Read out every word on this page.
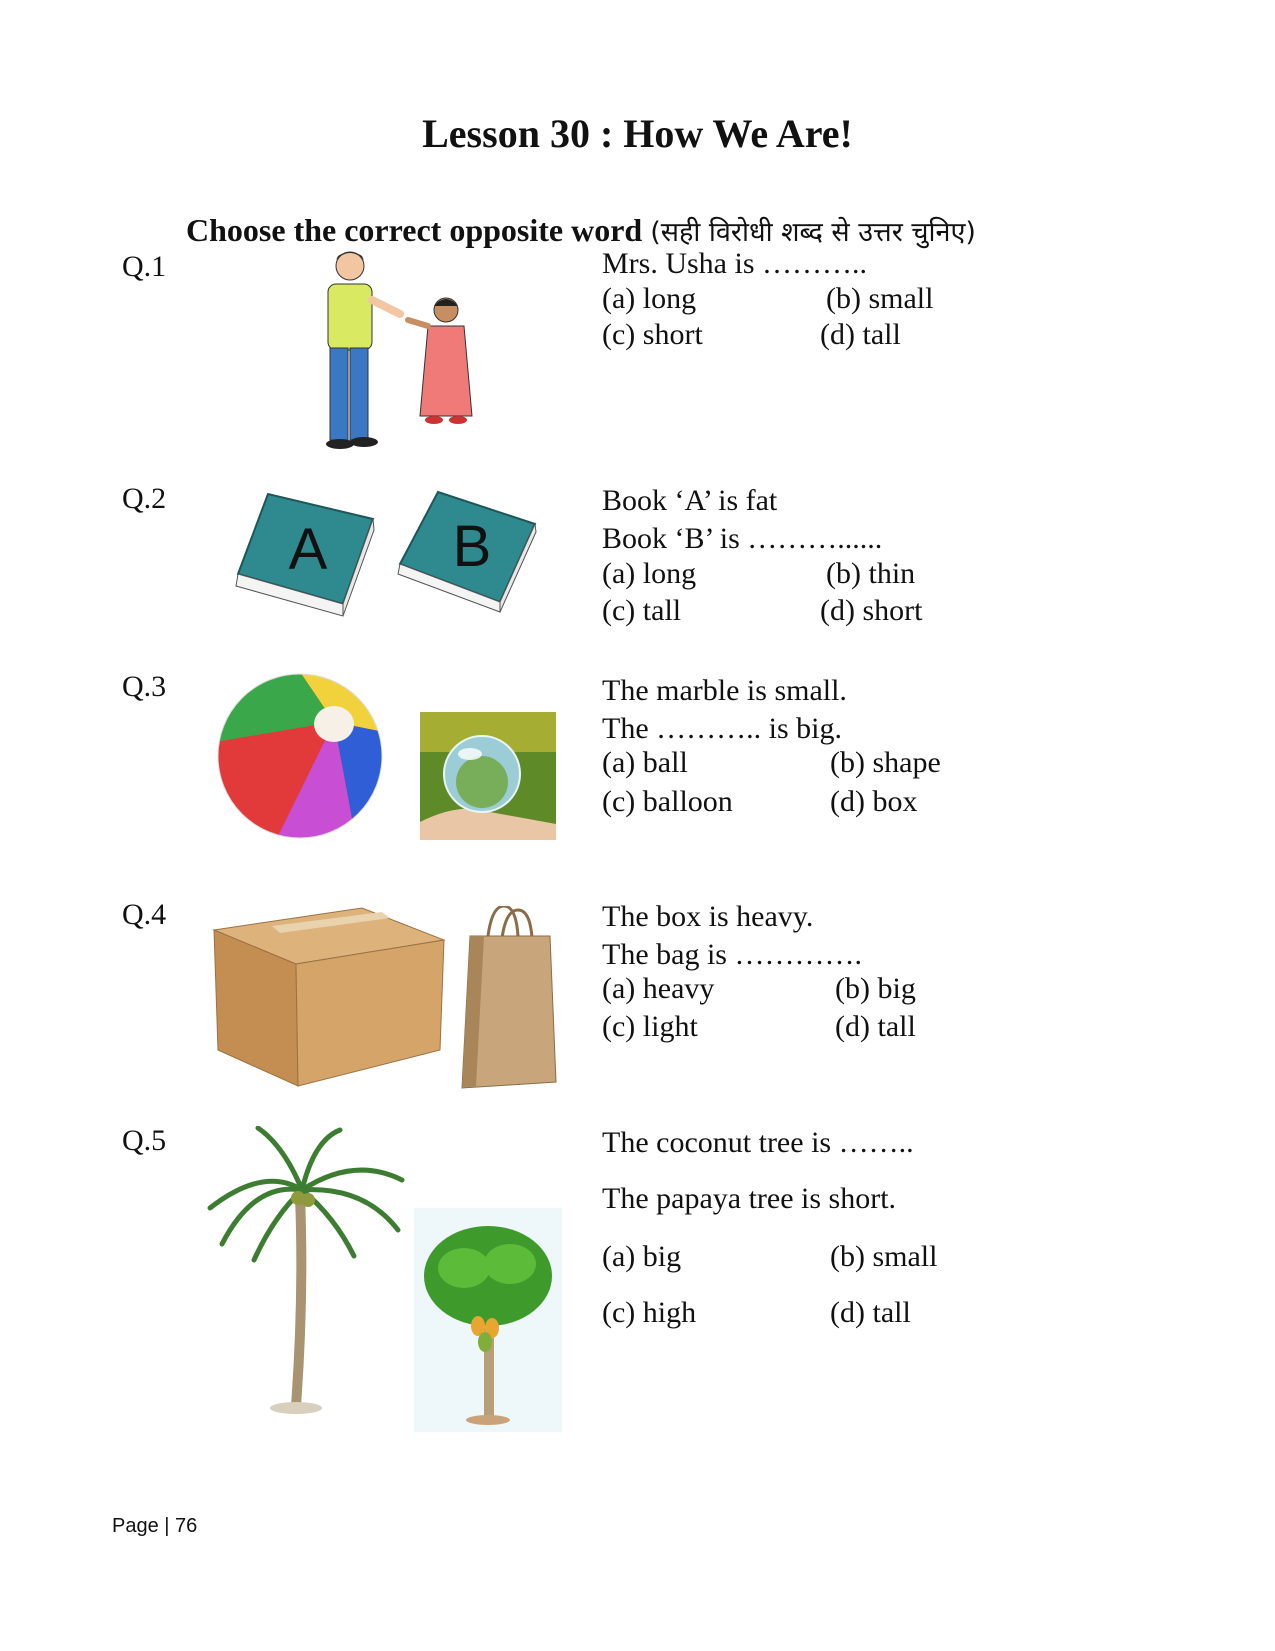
Lesson 30 : How We Are!
Choose the correct opposite word (सही विरोधी शब्द से उत्तर चुनिए)
Q.1	Mrs. Usha is ………..
(a) long	(b) small
(c) short	(d) tall
Q.2
A B
Book ‘A’ is fat
Book ‘B’ is ………......
(a) long	(b) thin
(c) tall	(d) short
Q.3	The marble is small.
The ……….. is big.
(a) ball	(b) shape
(c) balloon	(d) box
Q.4	The box is heavy.
The bag is ………….
(a) heavy	(b) big
(c) light	(d) tall
Q.5	The coconut tree is ……..
The papaya tree is short.
(a) big	(b) small
(c) high	(d) tall
Page | 76
